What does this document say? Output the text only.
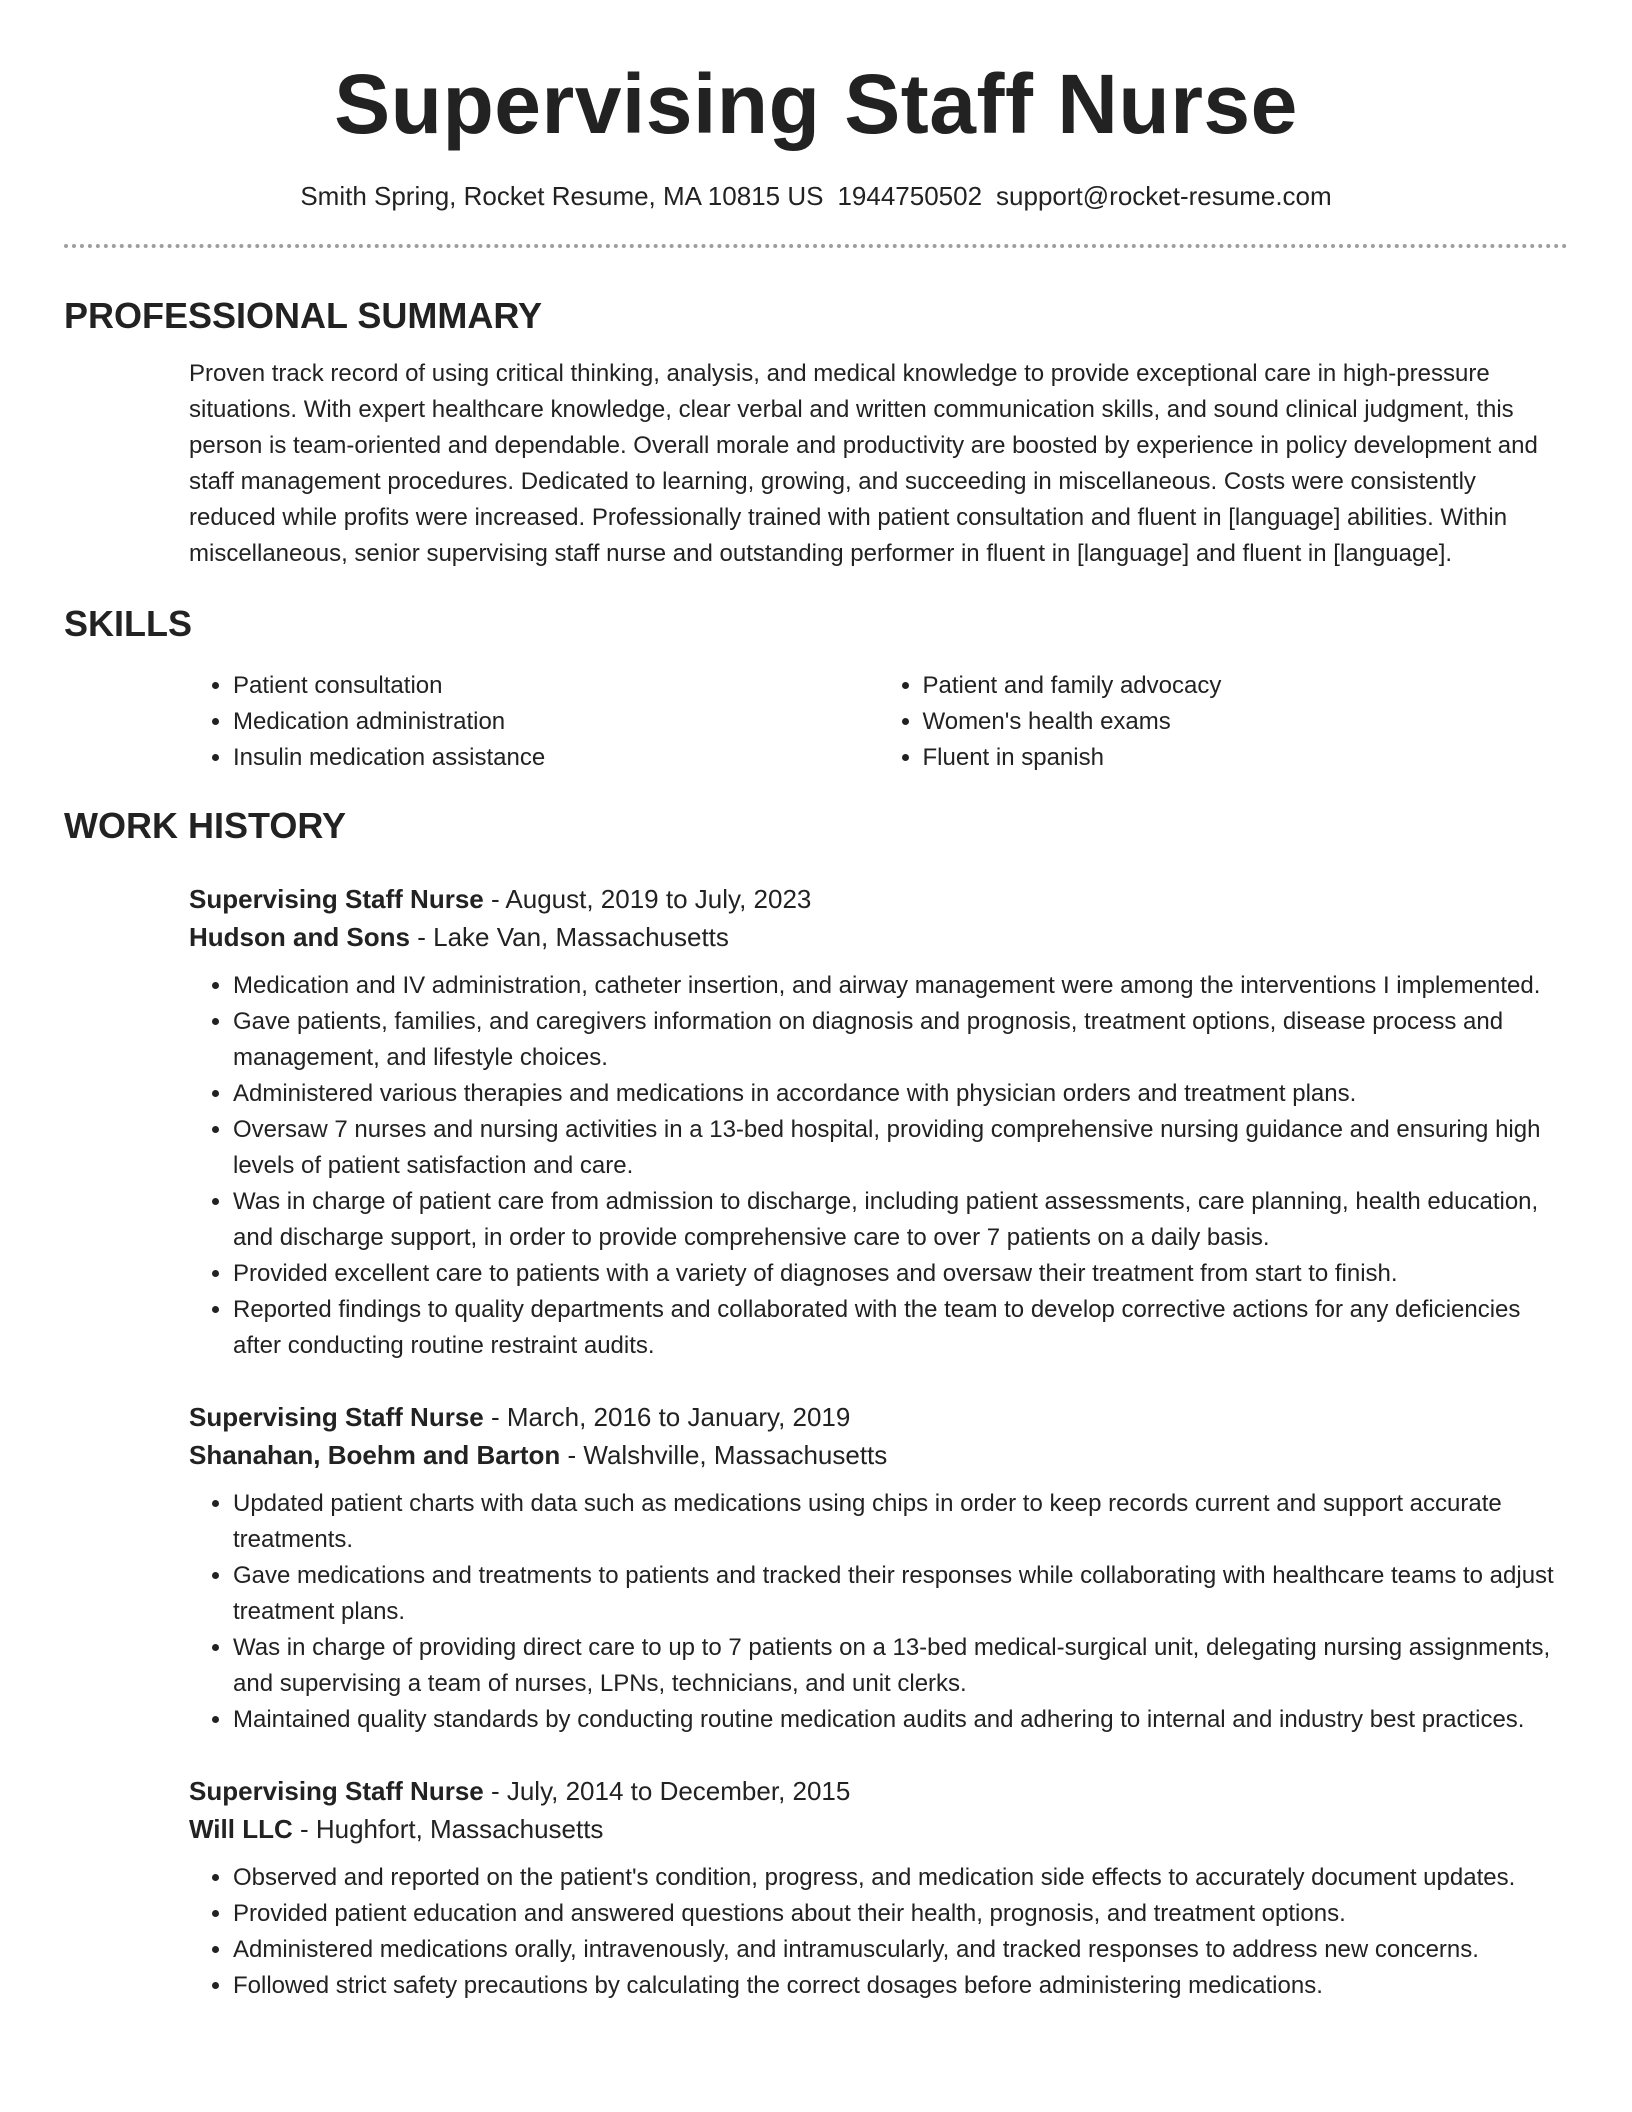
Supervising Staff Nurse
Smith Spring, Rocket Resume, MA 10815 US 1944750502 support@rocket-resume.com
PROFESSIONAL SUMMARY
Proven track record of using critical thinking, analysis, and medical knowledge to provide exceptional care in high-pressure situations. With expert healthcare knowledge, clear verbal and written communication skills, and sound clinical judgment, this person is team-oriented and dependable. Overall morale and productivity are boosted by experience in policy development and staff management procedures. Dedicated to learning, growing, and succeeding in miscellaneous. Costs were consistently reduced while profits were increased. Professionally trained with patient consultation and fluent in [language] abilities. Within miscellaneous, senior supervising staff nurse and outstanding performer in fluent in [language] and fluent in [language].
SKILLS
• Patient consultation
• Medication administration
• Insulin medication assistance
• Patient and family advocacy
• Women's health exams
• Fluent in spanish
WORK HISTORY
Supervising Staff Nurse - August, 2019 to July, 2023
Hudson and Sons - Lake Van, Massachusetts
• Medication and IV administration, catheter insertion, and airway management were among the interventions I implemented.
• Gave patients, families, and caregivers information on diagnosis and prognosis, treatment options, disease process and management, and lifestyle choices.
• Administered various therapies and medications in accordance with physician orders and treatment plans.
• Oversaw 7 nurses and nursing activities in a 13-bed hospital, providing comprehensive nursing guidance and ensuring high levels of patient satisfaction and care.
• Was in charge of patient care from admission to discharge, including patient assessments, care planning, health education, and discharge support, in order to provide comprehensive care to over 7 patients on a daily basis.
• Provided excellent care to patients with a variety of diagnoses and oversaw their treatment from start to finish.
• Reported findings to quality departments and collaborated with the team to develop corrective actions for any deficiencies after conducting routine restraint audits.
Supervising Staff Nurse - March, 2016 to January, 2019
Shanahan, Boehm and Barton - Walshville, Massachusetts
• Updated patient charts with data such as medications using chips in order to keep records current and support accurate treatments.
• Gave medications and treatments to patients and tracked their responses while collaborating with healthcare teams to adjust treatment plans.
• Was in charge of providing direct care to up to 7 patients on a 13-bed medical-surgical unit, delegating nursing assignments, and supervising a team of nurses, LPNs, technicians, and unit clerks.
• Maintained quality standards by conducting routine medication audits and adhering to internal and industry best practices.
Supervising Staff Nurse - July, 2014 to December, 2015
Will LLC - Hughfort, Massachusetts
• Observed and reported on the patient's condition, progress, and medication side effects to accurately document updates.
• Provided patient education and answered questions about their health, prognosis, and treatment options.
• Administered medications orally, intravenously, and intramuscularly, and tracked responses to address new concerns.
• Followed strict safety precautions by calculating the correct dosages before administering medications.
